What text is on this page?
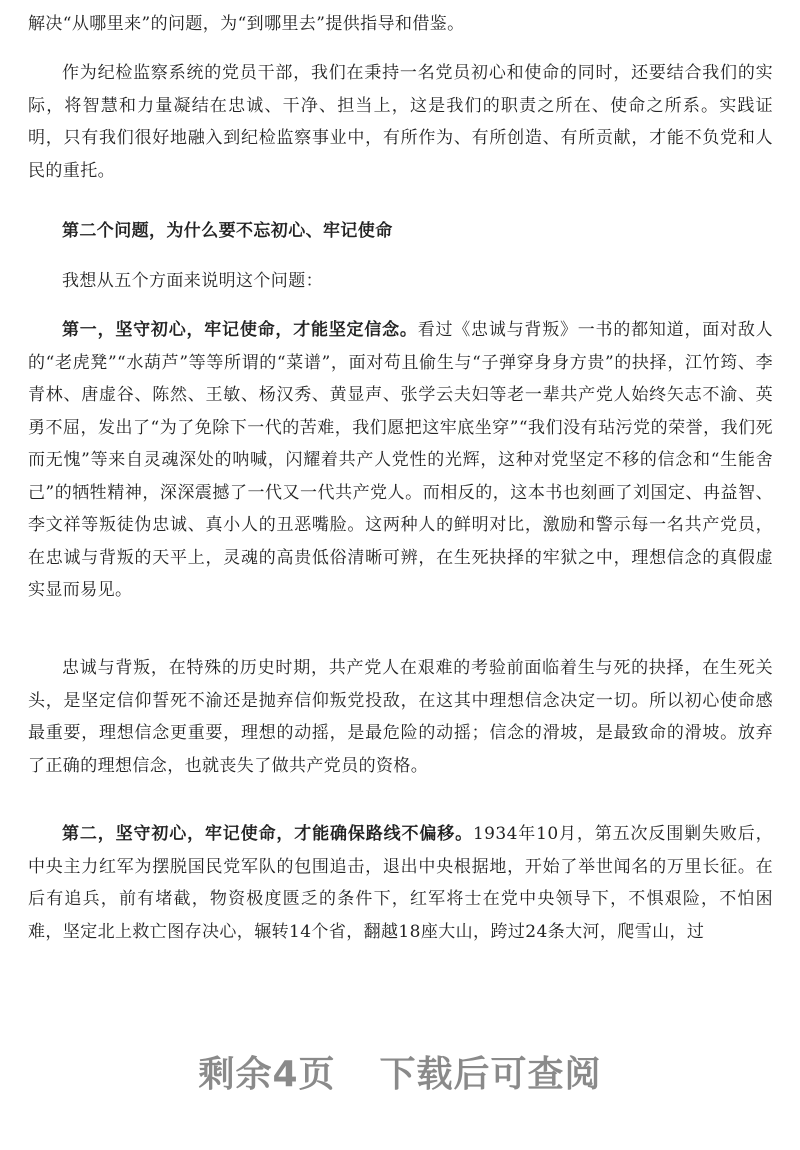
解决“从哪里来”的问题，为“到哪里去”提供指导和借鉴。

作为纪检监察系统的党员干部，我们在秉持一名党员初心和使命的同时，还要结合我们的实际，将智慧和力量凝结在忠诚、干净、担当上，这是我们的职责之所在、使命之所系。实践证明，只有我们很好地融入到纪检监察事业中，有所作为、有所创造、有所贡献，才能不负党和人民的重托。

第二个问题，为什么要不忘初心、牢记使命

我想从五个方面来说明这个问题：

第一，坚守初心，牢记使命，才能坚定信念。看过《忠诚与背叛》一书的都知道，面对敌人的“老虎凳”“水葫芦”等等所谓的“菜谱”，面对苟且偷生与“子弹穿身身方贵”的抉择，江竹筠、李青林、唐虚谷、陈然、王敏、杨汉秀、黄显声、张学云夫妇等老一辈共产党人始终矢志不渝、英勇不屈，发出了“为了免除下一代的苦难，我们愿把这牢底坐穿”“我们没有玷污党的荣誉，我们死而无愧”等来自灵魂深处的呐喊，闪耀着共产人党性的光辉，这种对党坚定不移的信念和“生能舍己”的牺牲精神，深深震撼了一代又一代共产党人。而相反的，这本书也刻画了刘国定、冉益智、李文祥等叛徒伪忠诚、真小人的丑恶嘴脸。这两种人的鲜明对比，激励和警示每一名共产党员，在忠诚与背叛的天平上，灵魂的高贵低俗清晰可辨，在生死抉择的牢狱之中，理想信念的真假虚实显而易见。

忠诚与背叛，在特殊的历史时期，共产党人在艰难的考验前面临着生与死的抉择，在生死关头，是坚定信仰誓死不渝还是抛弃信仰叛党投敌，在这其中理想信念决定一切。所以初心使命感最重要，理想信念更重要，理想的动摇，是最危险的动摇；信念的滑坡，是最致命的滑坡。放弃了正确的理想信念，也就丧失了做共产党员的资格。

第二，坚守初心，牢记使命，才能确保路线不偏移。1934年10月，第五次反围剿失败后，中央主力红军为摆脱国民党军队的包围追击，退出中央根据地，开始了举世闻名的万里长征。在后有追兵，前有堵截，物资极度匮乏的条件下，红军将士在党中央领导下，不惧艰险，不怕困难，坚定北上救亡图存决心，辗转14个省，翻越18座大山，跨过24条大河，爬雪山，过

剩余4页 下载后可查阅
